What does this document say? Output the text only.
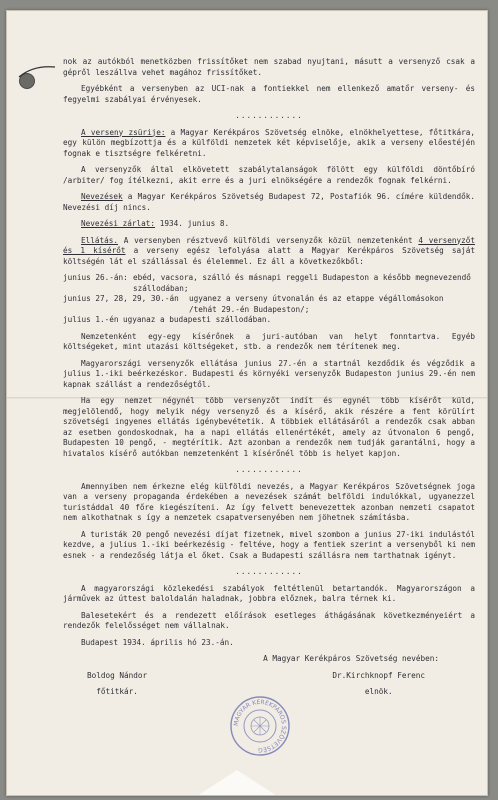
nok az autókból menetközben frissítőket nem szabad nyujtani, másutt a versenyző csak a gépről leszállva vehet magához frissítőket.

Egyébként a versenyben az UCI-nak a fontiekkel nem ellenkező amatőr verseny- és fegyelmi szabályai érvényesek.

............

A verseny zsürije: a Magyar Kerékpáros Szövetség elnöke, elnökhelyettese, főtitkára, egy külön megbízottja és a külföldi nemzetek két képviselője, akik a verseny előestéjén fognak e tisztségre felkéretni.

A versenyzők által elkövetett szabálytalanságok fölött egy külföldi döntőbíró /arbiter/ fog ítélkezni, akit erre és a juri elnökségére a rendezők fognak felkérni.

Nevezések a Magyar Kerékpáros Szövetség Budapest 72, Postafiók 96. címére küldendők. Nevezési díj nincs.

Nevezési zárlat: 1934. junius 8.

Ellátás. A versenyben résztvevő külföldi versenyzők közül nemzetenként 4 versenyzőt és 1 kísérőt a verseny egész lefolyása alatt a Magyar Kerékpáros Szövetség saját költségén lát el szállással és élelemmel. Ez áll a következőkből:

junius 26.-án: ebéd, vacsora, szálló és másnapi reggeli Budapeston a később megnevezendő szállodában;
junius 27, 28, 29, 30.-án	ugyanez a verseny útvonalán és az etappe végállomásokon /tehát 29.-én Budapeston/;
julius 1.-én ugyanaz a budapesti szállodában.

Nemzetenként egy-egy kísérőnek a juri-autóban van helyt fonntartva. Egyéb költségeket, mint utazási költségeket, stb. a rendezők nem térítenek meg.

Magyarországi versenyzők ellátása junius 27.-én a startnál kezdődik és végződik a julius 1.-iki beérkezéskor. Budapesti és környéki versenyzők Budapeston junius 29.-én nem kapnak szállást a rendezőségtől.

Ha egy nemzet négynél több versenyzőt indít és egynél több kísérőt küld, megjelölendő, hogy melyik négy versenyző és a kísérő, akik részére a fent körülírt szövetségi ingyenes ellátás igénybevétetik. A többiek ellátásáról a rendezők csak abban az esetben gondoskodnak, ha a napi ellátás ellenértékét, amely az útvonalon 6 pengő, Budapesten 10 pengő, - megtérítik. Azt azonban a rendezők nem tudják garantálni, hogy a hivatalos kísérő autókban nemzetenként 1 kísérőnél több is helyet kapjon.

............

Amennyiben nem érkezne elég külföldi nevezés, a Magyar Kerékpáros Szövetségnek joga van a verseny propaganda érdekében a nevezések számát belföldi indulókkal, ugyanezzel turistáddal 40 főre kiegészíteni. Az így felvett benevezettek azonban nemzeti csapatot nem alkothatnak s így a nemzetek csapatversenyében nem jöhetnek számításba.

A turisták 20 pengő nevezési díjat fizetnek, mivel szombon a junius 27-iki indulástól kezdve, a julius 1.-iki beérkezésig - feltéve, hogy a fentiek szerint a versenyből ki nem esnek - a rendezőség látja el őket. Csak a Budapesti szállásra nem tarthatnak igényt.

............

A magyarországi közlekedési szabályok feltétlenül betartandók. Magyarországon a járművek az úttest baloldalán haladnak, jobbra előznek, balra térnek ki.

Balesetekért és a rendezett előírások esetleges áthágásának következményeiért a rendezők felelősséget nem vállalnak.

Budapest 1934. április hó 23.-án.

A Magyar Kerékpáros Szövetség nevében:
Boldog Nándor
főtitkár.
Dr.Kirchknopf Ferenc
elnök.
MAGYAR KERÉKPÁROS SZÖVETSÉG
